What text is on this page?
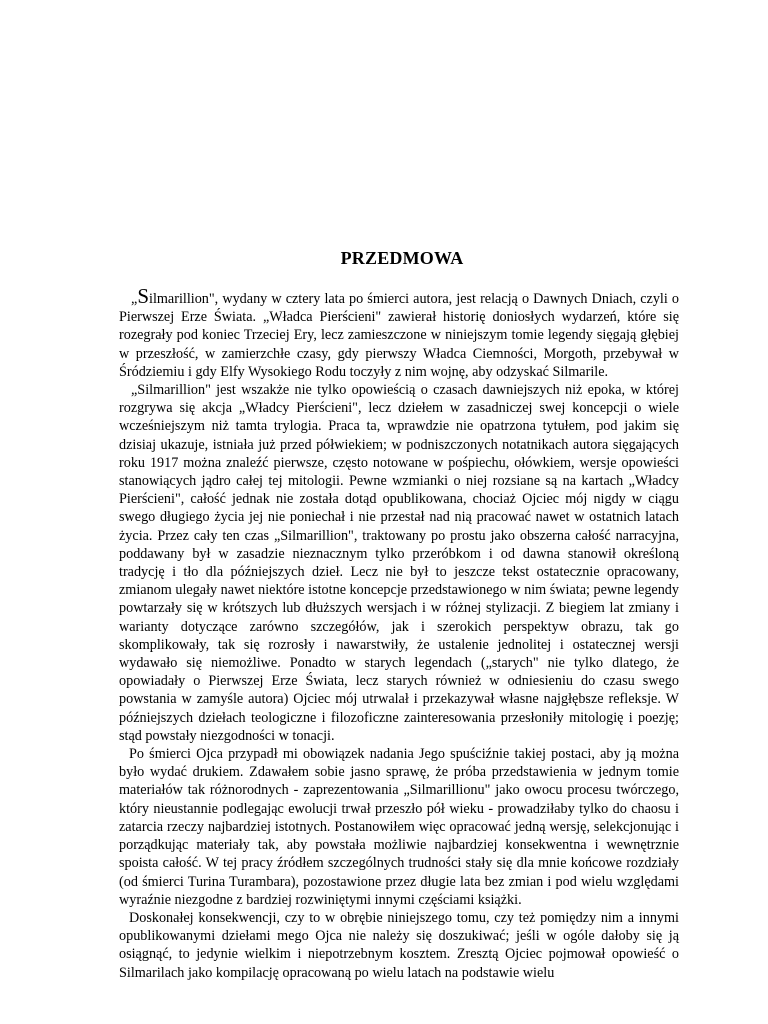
PRZEDMOWA

„Silmarillion", wydany w cztery lata po śmierci autora, jest relacją o Dawnych Dniach, czyli o Pierwszej Erze Świata. „Władca Pierścieni" zawierał historię doniosłych wydarzeń, które się rozegrały pod koniec Trzeciej Ery, lecz zamieszczone w niniejszym tomie legendy sięgają głębiej w przeszłość, w zamierzchłe czasy, gdy pierwszy Władca Ciemności, Morgoth, przebywał w Śródziemiu i gdy Elfy Wysokiego Rodu toczyły z nim wojnę, aby odzyskać Silmarile.

„Silmarillion" jest wszakże nie tylko opowieścią o czasach dawniejszych niż epoka, w której rozgrywa się akcja „Władcy Pierścieni", lecz dziełem w zasadniczej swej koncepcji o wiele wcześniejszym niż tamta trylogia. Praca ta, wprawdzie nie opatrzona tytułem, pod jakim się dzisiaj ukazuje, istniała już przed półwiekiem; w podniszczonych notatnikach autora sięgających roku 1917 można znaleźć pierwsze, często notowane w pośpiechu, ołówkiem, wersje opowieści stanowiących jądro całej tej mitologii. Pewne wzmianki o niej rozsiane są na kartach „Władcy Pierścieni", całość jednak nie została dotąd opublikowana, chociaż Ojciec mój nigdy w ciągu swego długiego życia jej nie poniechał i nie przestał nad nią pracować nawet w ostatnich latach życia. Przez cały ten czas „Silmarillion", traktowany po prostu jako obszerna całość narracyjna, poddawany był w zasadzie nieznacznym tylko przeróbkom i od dawna stanowił określoną tradycję i tło dla późniejszych dzieł. Lecz nie był to jeszcze tekst ostatecznie opracowany, zmianom ulegały nawet niektóre istotne koncepcje przedstawionego w nim świata; pewne legendy powtarzały się w krótszych lub dłuższych wersjach i w różnej stylizacji. Z biegiem lat zmiany i warianty dotyczące zarówno szczegółów, jak i szerokich perspektyw obrazu, tak go skomplikowały, tak się rozrosły i nawarstwiły, że ustalenie jednolitej i ostatecznej wersji wydawało się niemożliwe. Ponadto w starych legendach („starych" nie tylko dlatego, że opowiadały o Pierwszej Erze Świata, lecz starych również w odniesieniu do czasu swego powstania w zamyśle autora) Ojciec mój utrwalał i przekazywał własne najgłębsze refleksje. W późniejszych dziełach teologiczne i filozoficzne zainteresowania przesłoniły mitologię i poezję; stąd powstały niezgodności w tonacji.

Po śmierci Ojca przypadł mi obowiązek nadania Jego spuściźnie takiej postaci, aby ją można było wydać drukiem. Zdawałem sobie jasno sprawę, że próba przedstawienia w jednym tomie materiałów tak różnorodnych - zaprezentowania „Silmarillionu" jako owocu procesu twórczego, który nieustannie podlegając ewolucji trwał przeszło pół wieku - prowadziłaby tylko do chaosu i zatarcia rzeczy najbardziej istotnych. Postanowiłem więc opracować jedną wersję, selekcjonując i porządkując materiały tak, aby powstała możliwie najbardziej konsekwentna i wewnętrznie spoista całość. W tej pracy źródłem szczególnych trudności stały się dla mnie końcowe rozdziały (od śmierci Turina Turambara), pozostawione przez długie lata bez zmian i pod wielu względami wyraźnie niezgodne z bardziej rozwiniętymi innymi częściami książki.

Doskonałej konsekwencji, czy to w obrębie niniejszego tomu, czy też pomiędzy nim a innymi opublikowanymi dziełami mego Ojca nie należy się doszukiwać; jeśli w ogóle dałoby się ją osiągnąć, to jedynie wielkim i niepotrzebnym kosztem. Zresztą Ojciec pojmował opowieść o Silmarilach jako kompilację opracowaną po wielu latach na podstawie wielu
